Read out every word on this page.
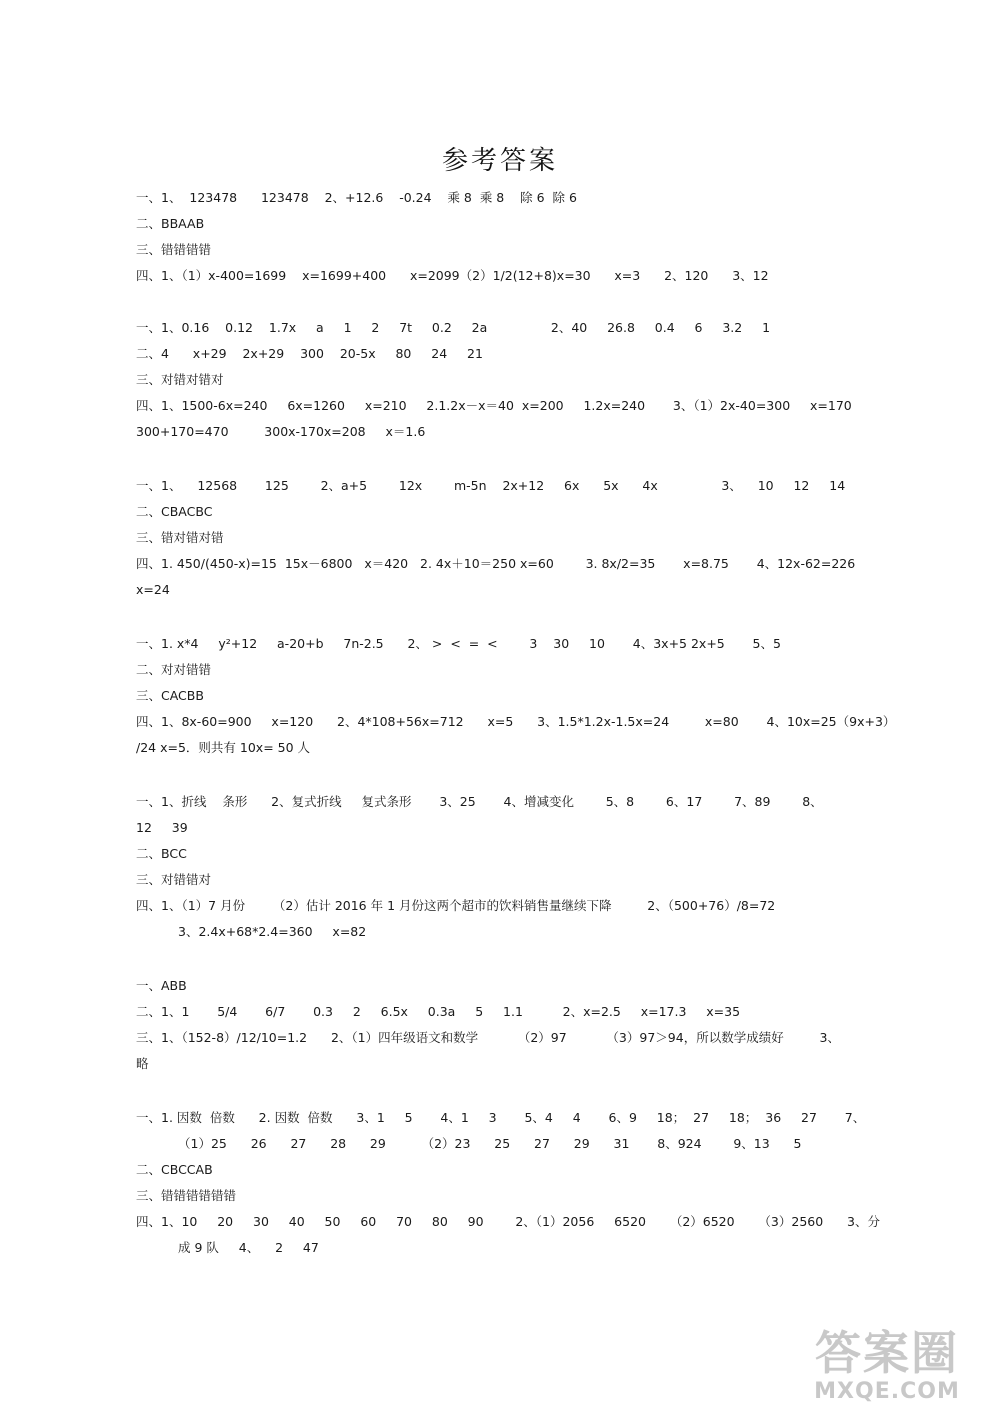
参考答案
一、1、  123478      123478    2、+12.6    -0.24    乘 8  乘 8    除 6  除 6
二、BBAAB
三、错错错错
四、1、（1）x-400=1699    x=1699+400      x=2099（2）1/2(12+8)x=30      x=3      2、120      3、12
一、1、0.16    0.12    1.7x     a     1     2     7t     0.2     2a                2、40     26.8     0.4     6     3.2     1
二、4      x+29    2x+29    300    20-5x     80     24     21
三、对错对错对
四、1、1500-6x=240     6x=1260     x=210     2.1.2x－x＝40  x=200     1.2x=240       3、（1）2x-40=300     x=170
300+170=470         300x-170x=208     x＝1.6
一、1、    12568       125        2、a+5        12x        m-5n    2x+12     6x      5x      4x                3、    10     12     14
二、CBACBC
三、错对错对错
四、1. 450/(450-x)=15  15x－6800   x＝420   2. 4x＋10＝250 x=60        3. 8x/2=35       x=8.75       4、12x-62=226
x=24
一、1. x*4     y²+12     a-20+b     7n-2.5      2、 >  <  =  <        3    30     10       4、3x+5 2x+5       5、5
二、对对错错
三、CACBB
四、1、8x-60=900     x=120      2、4*108+56x=712      x=5      3、1.5*1.2x-1.5x=24         x=80       4、10x=25（9x+3）
/24 x=5．则共有 10x= 50 人
一、1、折线    条形      2、复式折线     复式条形       3、25       4、增减变化        5、8        6、17        7、89        8、
12     39
二、BCC
三、对错错对
四、1、（1）7 月份       （2）估计 2016 年 1 月份这两个超市的饮料销售量继续下降         2、（500+76）/8=72
3、2.4x+68*2.4=360     x=82
一、ABB
二、1、1       5/4       6/7       0.3     2     6.5x     0.3a     5     1.1          2、x=2.5     x=17.3     x=35
三、1、（152-8）/12/10=1.2      2、（1）四年级语文和数学          （2）97          （3）97＞94，所以数学成绩好         3、
略
一、1. 因数  倍数      2. 因数  倍数      3、1     5       4、1     3       5、4     4       6、9     18；  27     18；  36     27       7、
（1）25      26      27      28      29         （2）23      25      27      29      31       8、924        9、13      5
二、CBCCAB
三、错错错错错错
四、1、10     20     30     40     50     60     70     80     90        2、（1）2056     6520      （2）6520      （3）2560      3、分
成 9 队     4、    2     47
答案圈
MXQE.COM
